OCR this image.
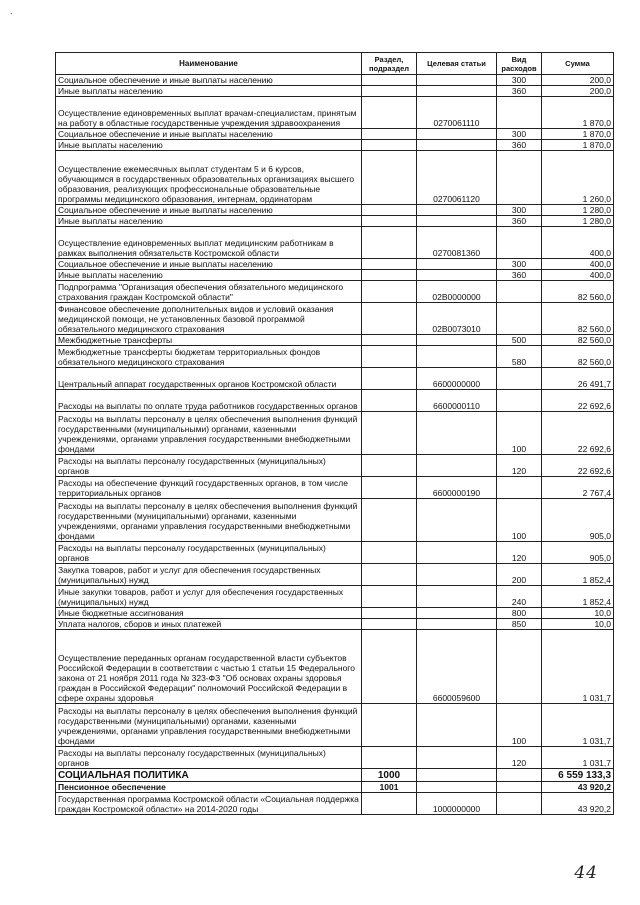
`
Наименование	Раздел, подраздел	Целевая статьи	Вид расходов	Сумма
Социальное обеспечение и иные выплаты населению			300	200,0
Иные выплаты населению			360	200,0
Осуществление единовременных выплат врачам-специалистам, принятым на работу в областные государственные учреждения здравоохранения		0270061110		1 870,0
Социальное обеспечение и иные выплаты населению			300	1 870,0
Иные выплаты населению			360	1 870,0
Осуществление ежемесячных выплат студентам 5 и 6 курсов, обучающимся в государственных образовательных организациях высшего образования, реализующих профессиональные образовательные программы медицинского образования, интернам, ординаторам		0270061120		1 260,0
Социальное обеспечение и иные выплаты населению			300	1 280,0
Иные выплаты населению			360	1 280,0
Осуществление единовременных выплат медицинским работникам в рамках выполнения обязательств Костромской области		0270081360		400,0
Социальное обеспечение и иные выплаты населению			300	400,0
Иные выплаты населению			360	400,0
Подпрограмма "Организация обеспечения обязательного медицинского страхования граждан Костромской области"		02В0000000		82 560,0
Финансовое обеспечение дополнительных видов и условий оказания медицинской помощи, не установленных базовой программой обязательного медицинского страхования		02В0073010		82 560,0
Межбюджетные трансферты			500	82 560,0
Межбюджетные трансферты бюджетам территориальных фондов обязательного медицинского страхования			580	82 560,0
Центральный аппарат государственных органов Костромской области		6600000000		26 491,7
Расходы на выплаты по оплате труда работников государственных органов		6600000110		22 692,6
Расходы на выплаты персоналу в целях обеспечения выполнения функций государственными (муниципальными) органами, казенными учреждениями, органами управления государственными внебюджетными фондами			100	22 692,6
Расходы на выплаты персоналу государственных (муниципальных) органов			120	22 692,6
Расходы на обеспечение функций государственных органов, в том числе территориальных органов		6600000190		2 767,4
Расходы на выплаты персоналу в целях обеспечения выполнения функций государственными (муниципальными) органами, казенными учреждениями, органами управления государственными внебюджетными фондами			100	905,0
Расходы на выплаты персоналу государственных (муниципальных) органов			120	905,0
Закупка товаров, работ и услуг для обеспечения государственных (муниципальных) нужд			200	1 852,4
Иные закупки товаров, работ и услуг для обеспечения государственных (муниципальных) нужд			240	1 852,4
Иные бюджетные ассигнования			800	10,0
Уплата налогов, сборов и иных платежей			850	10,0
Осуществление переданных органам государственной власти субъектов Российской Федерации в соответствии с частью 1 статьи 15 Федерального закона от 21 ноября 2011 года № 323-ФЗ "Об основах охраны здоровья граждан в Российской Федерации" полномочий Российской Федерации в сфере охраны здоровья		6600059600		1 031,7
Расходы на выплаты персоналу в целях обеспечения выполнения функций государственными (муниципальными) органами, казенными учреждениями, органами управления государственными внебюджетными фондами			100	1 031,7
Расходы на выплаты персоналу государственных (муниципальных) органов			120	1 031,7
СОЦИАЛЬНАЯ ПОЛИТИКА	1000			6 559 133,3
Пенсионное обеспечение	1001			43 920,2
Государственная программа Костромской области «Социальная поддержка граждан Костромской области» на 2014-2020 годы		1000000000		43 920,2
44
